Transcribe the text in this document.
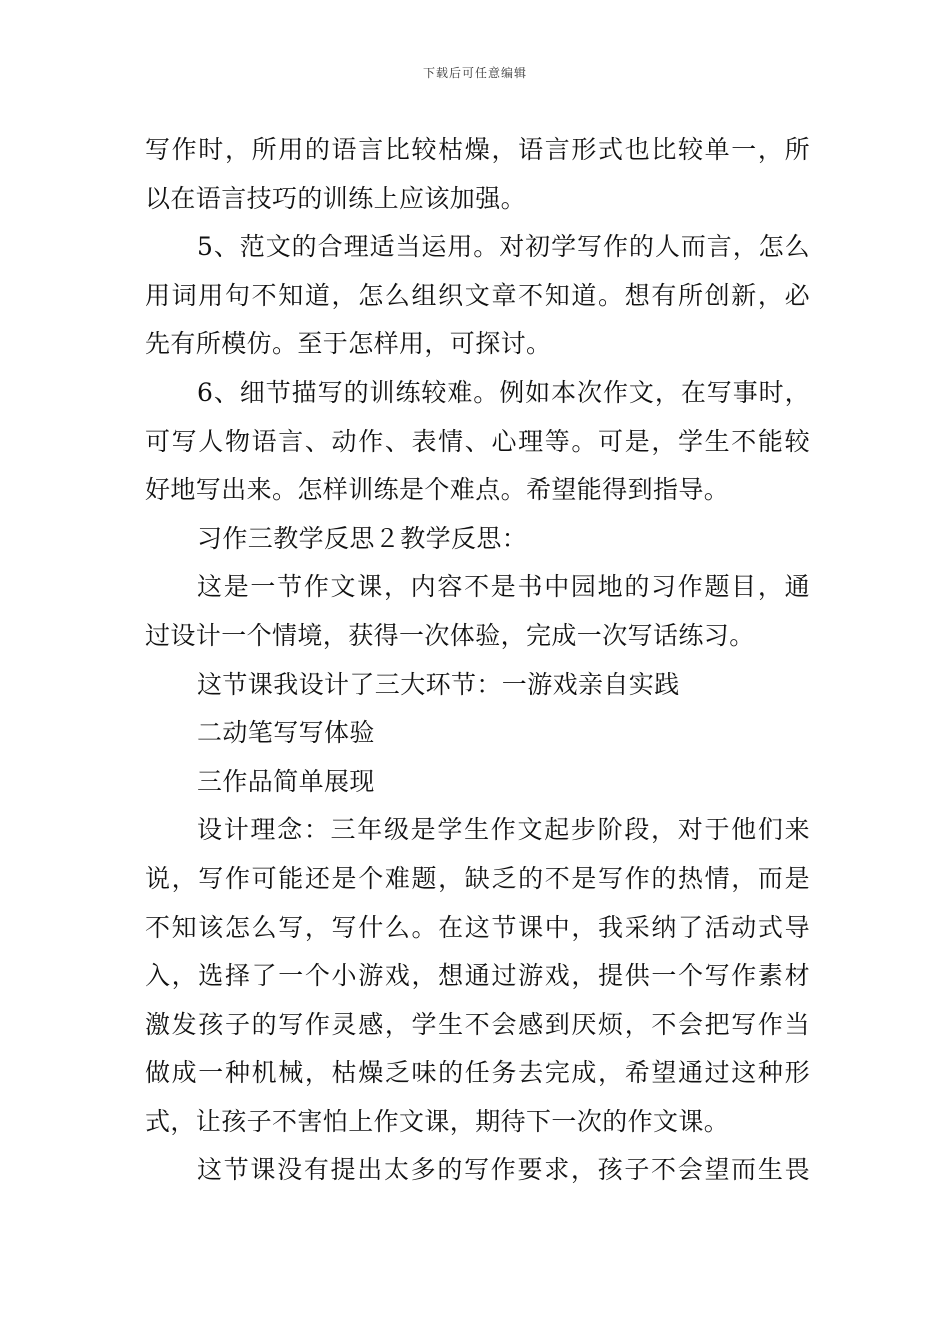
下载后可任意编辑

写作时，所用的语言比较枯燥，语言形式也比较单一，所

以在语言技巧的训练上应该加强。

5、范文的合理适当运用。对初学写作的人而言，怎么

用词用句不知道，怎么组织文章不知道。想有所创新，必

先有所模仿。至于怎样用，可探讨。

6、细节描写的训练较难。例如本次作文，在写事时，

可写人物语言、动作、表情、心理等。可是，学生不能较

好地写出来。怎样训练是个难点。希望能得到指导。

习作三教学反思２教学反思：

这是一节作文课，内容不是书中园地的习作题目，通

过设计一个情境，获得一次体验，完成一次写话练习。

这节课我设计了三大环节：一游戏亲自实践

二动笔写写体验

三作品简单展现

设计理念：三年级是学生作文起步阶段，对于他们来

说，写作可能还是个难题，缺乏的不是写作的热情，而是

不知该怎么写，写什么。在这节课中，我采纳了活动式导

入，选择了一个小游戏，想通过游戏，提供一个写作素材

激发孩子的写作灵感，学生不会感到厌烦，不会把写作当

做成一种机械，枯燥乏味的任务去完成，希望通过这种形

式，让孩子不害怕上作文课，期待下一次的作文课。

这节课没有提出太多的写作要求，孩子不会望而生畏
